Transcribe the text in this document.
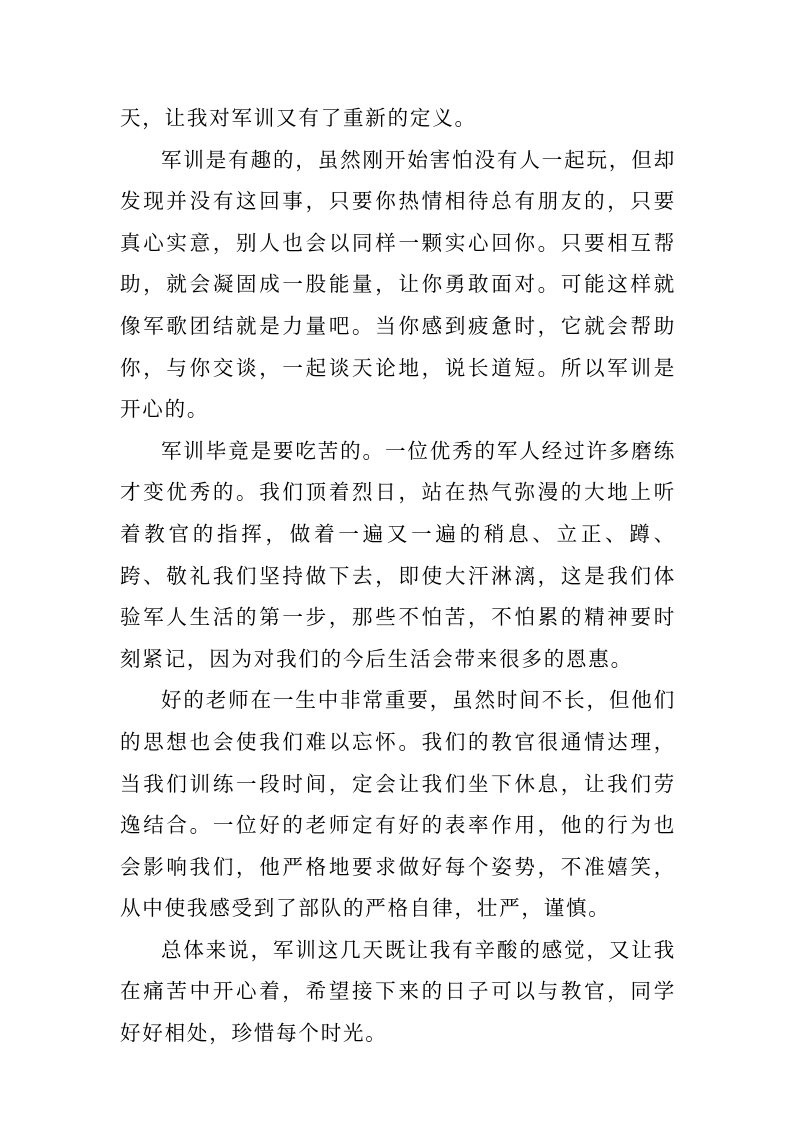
天，让我对军训又有了重新的定义。

军训是有趣的，虽然刚开始害怕没有人一起玩，但却发现并没有这回事，只要你热情相待总有朋友的，只要真心实意，别人也会以同样一颗实心回你。只要相互帮助，就会凝固成一股能量，让你勇敢面对。可能这样就像军歌团结就是力量吧。当你感到疲惫时，它就会帮助你，与你交谈，一起谈天论地，说长道短。所以军训是开心的。

军训毕竟是要吃苦的。一位优秀的军人经过许多磨练才变优秀的。我们顶着烈日，站在热气弥漫的大地上听着教官的指挥，做着一遍又一遍的稍息、立正、蹲、跨、敬礼我们坚持做下去，即使大汗淋漓，这是我们体验军人生活的第一步，那些不怕苦，不怕累的精神要时刻紧记，因为对我们的今后生活会带来很多的恩惠。

好的老师在一生中非常重要，虽然时间不长，但他们的思想也会使我们难以忘怀。我们的教官很通情达理，当我们训练一段时间，定会让我们坐下休息，让我们劳逸结合。一位好的老师定有好的表率作用，他的行为也会影响我们，他严格地要求做好每个姿势，不准嬉笑，从中使我感受到了部队的严格自律，壮严，谨慎。

总体来说，军训这几天既让我有辛酸的感觉，又让我在痛苦中开心着，希望接下来的日子可以与教官，同学好好相处，珍惜每个时光。
